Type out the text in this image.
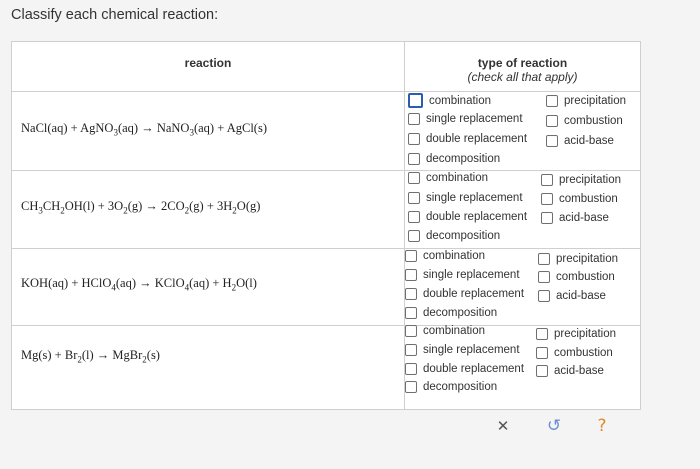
Classify each chemical reaction:
reaction	type of reaction
(check all that apply)
NaCl(aq) + AgNO$_3$(aq) → NaNO$_3$(aq) + AgCl(s)
combination
single replacement
double replacement
decomposition
precipitation
combustion
acid-base
$CH_3CH_2OH(l) + 3O_2(g) \to 2CO_2(g) + 3H_2O(g)$
combination
single replacement
double replacement
decomposition
precipitation
combustion
acid-base
KOH(aq) + HClO$_4$(aq) → KClO$_4$(aq) + $H_2O(l)$
combination
single replacement
double replacement
decomposition
precipitation
combustion
acid-base
$Mg(s) + Br_2(l)$ → MgBr$_2$(s)
combination
single replacement
double replacement
decomposition
precipitation
combustion
acid-base
✕ ↺ ?
